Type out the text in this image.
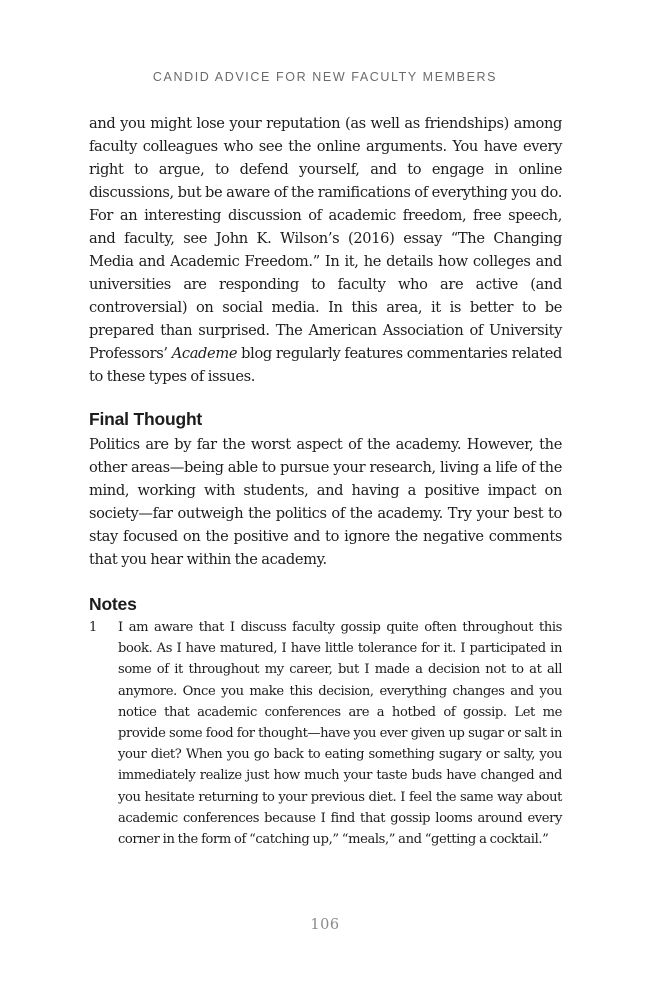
CANDID ADVICE FOR NEW FACULTY MEMBERS

and you might lose your reputation (as well as friendships) among faculty colleagues who see the online arguments. You have every right to argue, to defend yourself, and to engage in online discussions, but be aware of the ramifications of everything you do. For an interesting discussion of academic freedom, free speech, and faculty, see John K. Wilson’s (2016) essay “The Changing Media and Academic Freedom.” In it, he details how colleges and universities are responding to faculty who are active (and controversial) on social media. In this area, it is better to be prepared than surprised. The American Association of University Professors’ Academe blog regularly features commentaries related to these types of issues.

Final Thought

Politics are by far the worst aspect of the academy. However, the other areas—being able to pursue your research, living a life of the mind, working with students, and having a positive impact on society—far outweigh the politics of the academy. Try your best to stay focused on the positive and to ignore the negative comments that you hear within the academy.

Notes
1 I am aware that I discuss faculty gossip quite often throughout this book. As I have matured, I have little tolerance for it. I participated in some of it throughout my career, but I made a decision not to at all anymore. Once you make this decision, everything changes and you notice that academic conferences are a hotbed of gossip. Let me provide some food for thought—have you ever given up sugar or salt in your diet? When you go back to eating something sugary or salty, you immediately realize just how much your taste buds have changed and you hesitate returning to your previous diet. I feel the same way about academic conferences because I find that gossip looms around every corner in the form of “catching up,” “meals,” and “getting a cocktail.”

106
